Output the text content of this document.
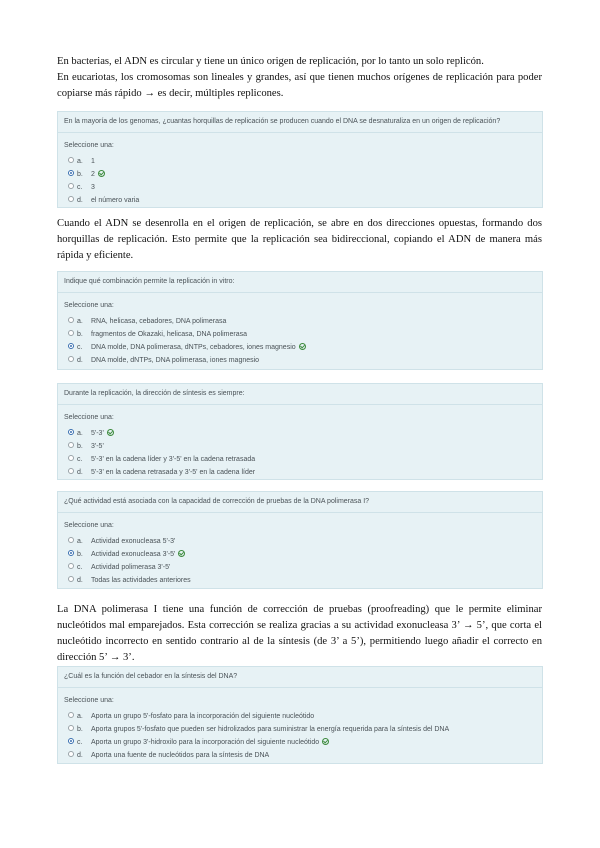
En bacterias, el ADN es circular y tiene un único origen de replicación, por lo tanto un solo replicón.
En eucariotas, los cromosomas son lineales y grandes, así que tienen muchos orígenes de replicación para poder copiarse más rápido → es decir, múltiples replicones.
En la mayoría de los genomas, ¿cuantas horquillas de replicación se producen cuando el DNA se desnaturaliza en un origen de replicación?
Seleccione una:
a. 1
b. 2
c. 3
d. el número varia
Cuando el ADN se desenrolla en el origen de replicación, se abre en dos direcciones opuestas, formando dos horquillas de replicación. Esto permite que la replicación sea bidireccional, copiando el ADN de manera más rápida y eficiente.
Indique qué combinación permite la replicación in vitro:
Seleccione una:
a. RNA, helicasa, cebadores, DNA polimerasa
b. fragmentos de Okazaki, helicasa, DNA polimerasa
c. DNA molde, DNA polimerasa, dNTPs, cebadores, iones magnesio
d. DNA molde, dNTPs, DNA polimerasa, iones magnesio
Durante la replicación, la dirección de síntesis es siempre:
Seleccione una:
a. 5'-3'
b. 3'-5'
c. 5'-3' en la cadena líder y 3'-5' en la cadena retrasada
d. 5'-3' en la cadena retrasada y 3'-5' en la cadena líder
¿Qué actividad está asociada con la capacidad de corrección de pruebas de la DNA polimerasa I?
Seleccione una:
a. Actividad exonucleasa 5'-3'
b. Actividad exonucleasa 3'-5'
c. Actividad polimerasa 3'-5'
d. Todas las actividades anteriores
La DNA polimerasa I tiene una función de corrección de pruebas (proofreading) que le permite eliminar nucleótidos mal emparejados. Esta corrección se realiza gracias a su actividad exonucleasa 3’ → 5’, que corta el nucleótido incorrecto en sentido contrario al de la síntesis (de 3’ a 5’), permitiendo luego añadir el correcto en dirección 5’ → 3’.
¿Cuál es la función del cebador en la síntesis del DNA?
Seleccione una:
a. Aporta un grupo 5'-fosfato para la incorporación del siguiente nucleótido
b. Aporta grupos 5'-fosfato que pueden ser hidrolizados para suministrar la energía requerida para la síntesis del DNA
c. Aporta un grupo 3'-hidroxilo para la incorporación del siguiente nucleótido
d. Aporta una fuente de nucleótidos para la síntesis de DNA
